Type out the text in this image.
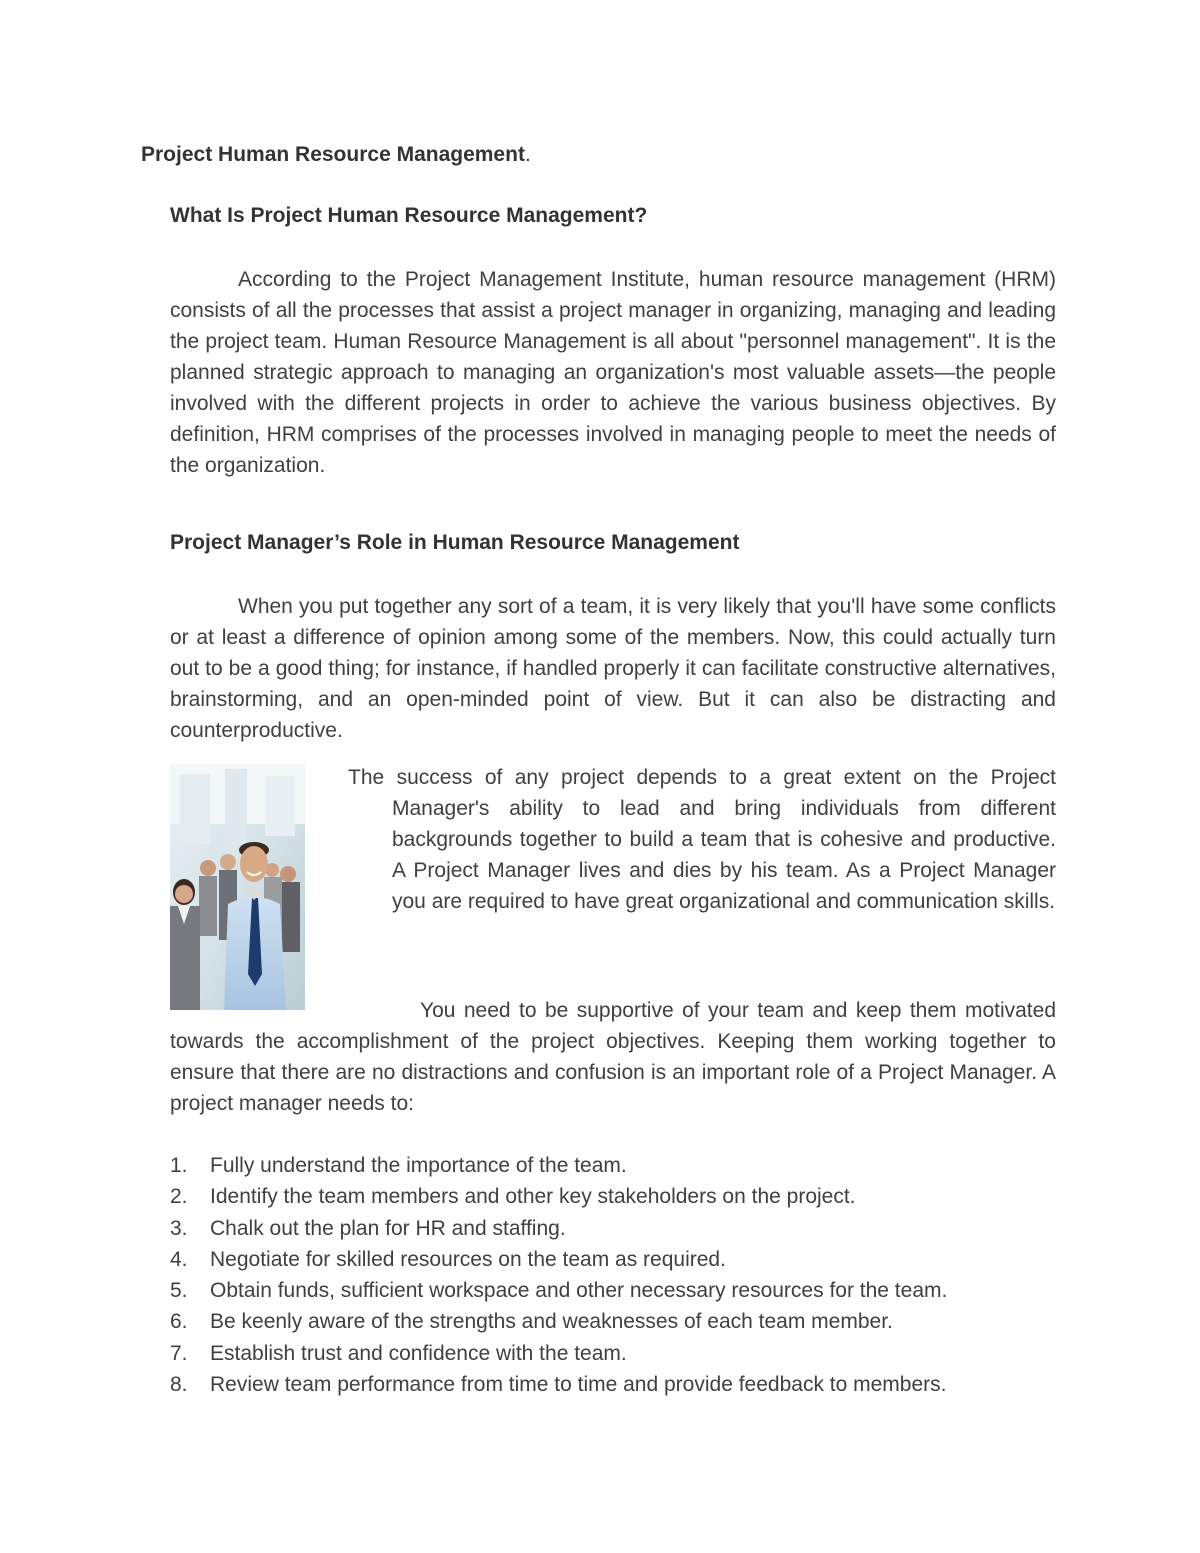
Project Human Resource Management.
What Is Project Human Resource Management?

According to the Project Management Institute, human resource management (HRM) consists of all the processes that assist a project manager in organizing, managing and leading the project team. Human Resource Management is all about "personnel management". It is the planned strategic approach to managing an organization's most valuable assets—the people involved with the different projects in order to achieve the various business objectives. By definition, HRM comprises of the processes involved in managing people to meet the needs of the organization.

Project Manager’s Role in Human Resource Management

When you put together any sort of a team, it is very likely that you'll have some conflicts or at least a difference of opinion among some of the members. Now, this could actually turn out to be a good thing; for instance, if handled properly it can facilitate constructive alternatives, brainstorming, and an open-minded point of view. But it can also be distracting and counterproductive.

The success of any project depends to a great extent on the Project Manager's ability to lead and bring individuals from different backgrounds together to build a team that is cohesive and productive. A Project Manager lives and dies by his team. As a Project Manager you are required to have great organizational and communication skills.

You need to be supportive of your team and keep them motivated towards the accomplishment of the project objectives. Keeping them working together to ensure that there are no distractions and confusion is an important role of a Project Manager. A project manager needs to:

1. Fully understand the importance of the team.
2. Identify the team members and other key stakeholders on the project.
3. Chalk out the plan for HR and staffing.
4. Negotiate for skilled resources on the team as required.
5. Obtain funds, sufficient workspace and other necessary resources for the team.
6. Be keenly aware of the strengths and weaknesses of each team member.
7. Establish trust and confidence with the team.
8. Review team performance from time to time and provide feedback to members.
